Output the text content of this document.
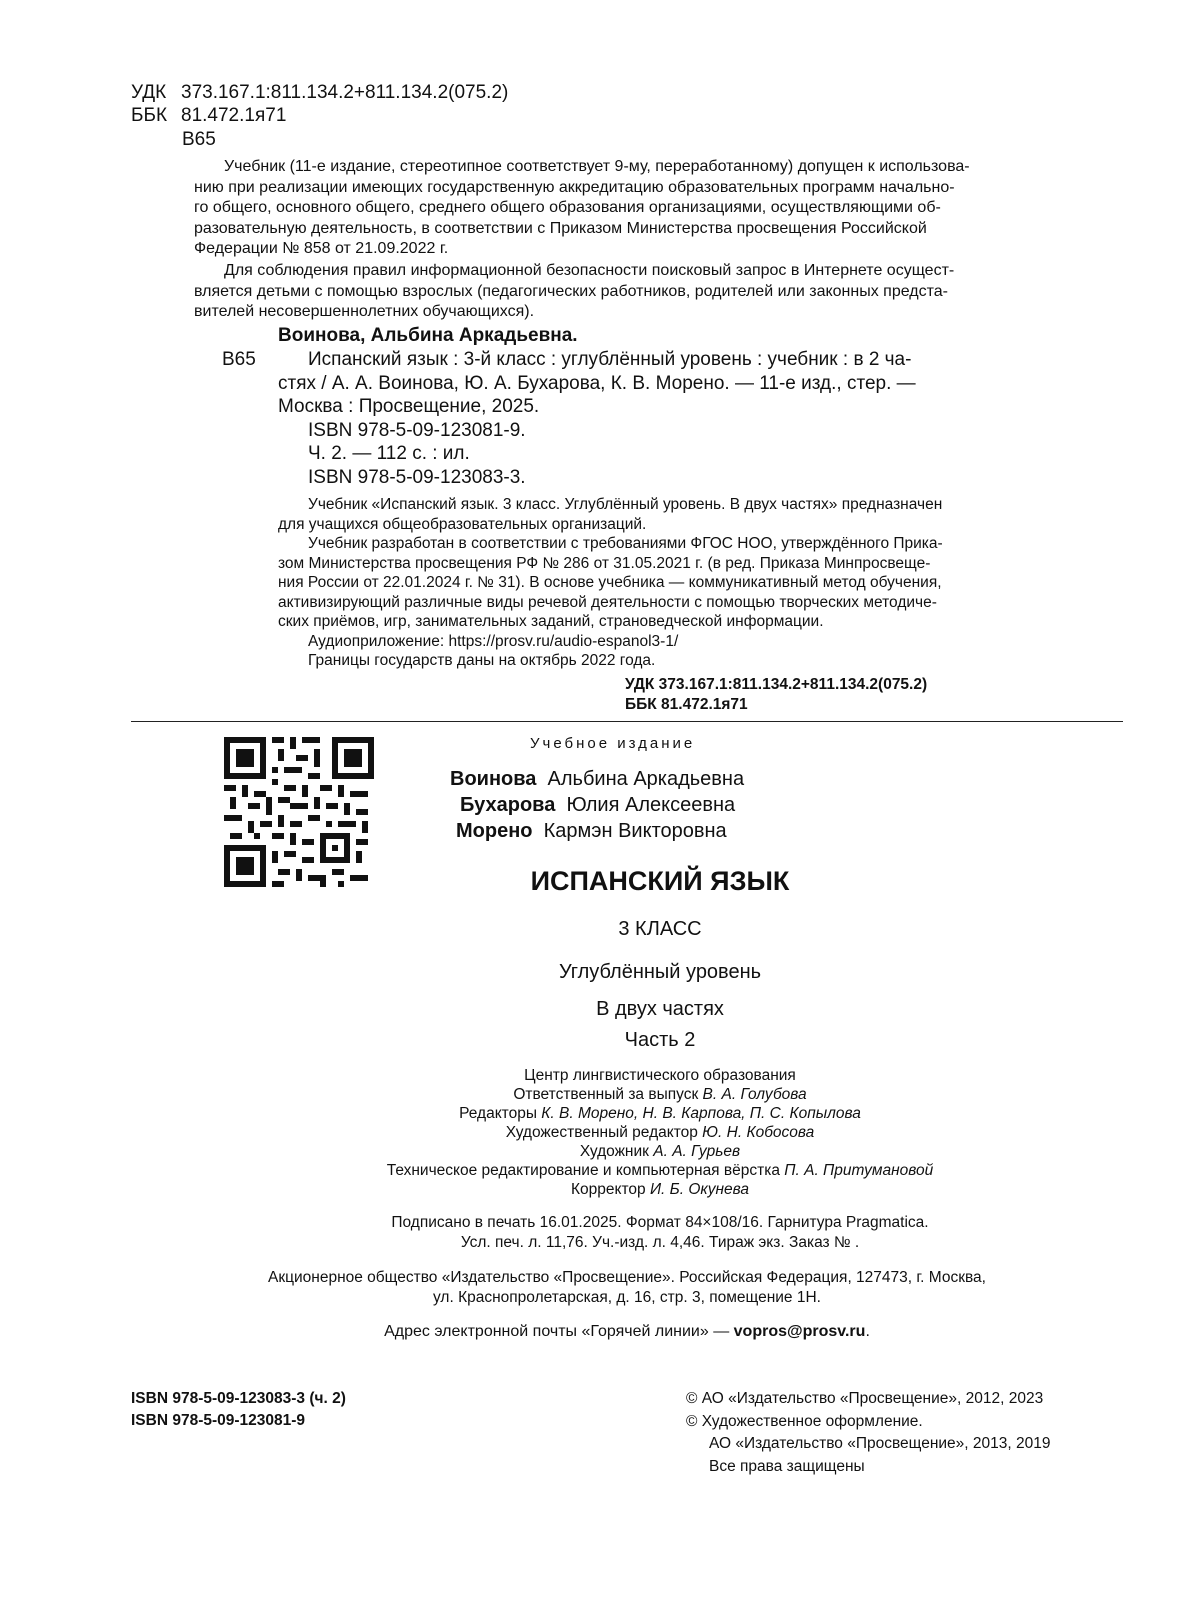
УДК 373.167.1:811.134.2+811.134.2(075.2)
ББК 81.472.1я71
В65
Учебник (11-е издание, стереотипное соответствует 9-му, переработанному) допущен к использова-
нию при реализации имеющих государственную аккредитацию образовательных программ начально-
го общего, основного общего, среднего общего образования организациями, осуществляющими об-
разовательную деятельность, в соответствии с Приказом Министерства просвещения Российской
Федерации № 858 от 21.09.2022 г.
Для соблюдения правил информационной безопасности поисковый запрос в Интернете осущест-
вляется детьми с помощью взрослых (педагогических работников, родителей или законных предста-
вителей несовершеннолетних обучающихся).
Воинова, Альбина Аркадьевна.
В65	Испанский язык : 3-й класс : углублённый уровень : учебник : в 2 ча-
стях / А. А. Воинова, Ю. А. Бухарова, К. В. Морено. — 11-е изд., стер. —
Москва : Просвещение, 2025.
ISBN 978-5-09-123081-9.
Ч. 2. — 112 с. : ил.
ISBN 978-5-09-123083-3.
Учебник «Испанский язык. 3 класс. Углублённый уровень. В двух частях» предназначен
для учащихся общеобразовательных организаций.
Учебник разработан в соответствии с требованиями ФГОС НОО, утверждённого Прика-
зом Министерства просвещения РФ № 286 от 31.05.2021 г. (в ред. Приказа Минпросвеще-
ния России от 22.01.2024 г. № 31). В основе учебника — коммуникативный метод обучения,
активизирующий различные виды речевой деятельности с помощью творческих методиче-
ских приёмов, игр, занимательных заданий, страноведческой информации.
Аудиоприложение: https://prosv.ru/audio-espanol3-1/
Границы государств даны на октябрь 2022 года.
УДК 373.167.1:811.134.2+811.134.2(075.2)
ББК 81.472.1я71
Учебное издание
Воинова Альбина Аркадьевна
Бухарова Юлия Алексеевна
Морено Кармэн Викторовна
ИСПАНСКИЙ ЯЗЫК
3 КЛАСС
Углублённый уровень
В двух частях
Часть 2
Центр лингвистического образования
Ответственный за выпуск В. А. Голубова
Редакторы К. В. Морено, Н. В. Карпова, П. С. Копылова
Художественный редактор Ю. Н. Кобосова
Художник А. А. Гурьев
Техническое редактирование и компьютерная вёрстка П. А. Притумановой
Корректор И. Б. Окунева
Подписано в печать 16.01.2025. Формат 84×108/16. Гарнитура Pragmatica.
Усл. печ. л. 11,76. Уч.-изд. л. 4,46. Тираж экз. Заказ № .
Акционерное общество «Издательство «Просвещение». Российская Федерация, 127473, г. Москва,
ул. Краснопролетарская, д. 16, стр. 3, помещение 1Н.
Адрес электронной почты «Горячей линии» — vopros@prosv.ru.
ISBN 978-5-09-123083-3 (ч. 2)
ISBN 978-5-09-123081-9
© АО «Издательство «Просвещение», 2012, 2023
© Художественное оформление.
АО «Издательство «Просвещение», 2013, 2019
Все права защищены
